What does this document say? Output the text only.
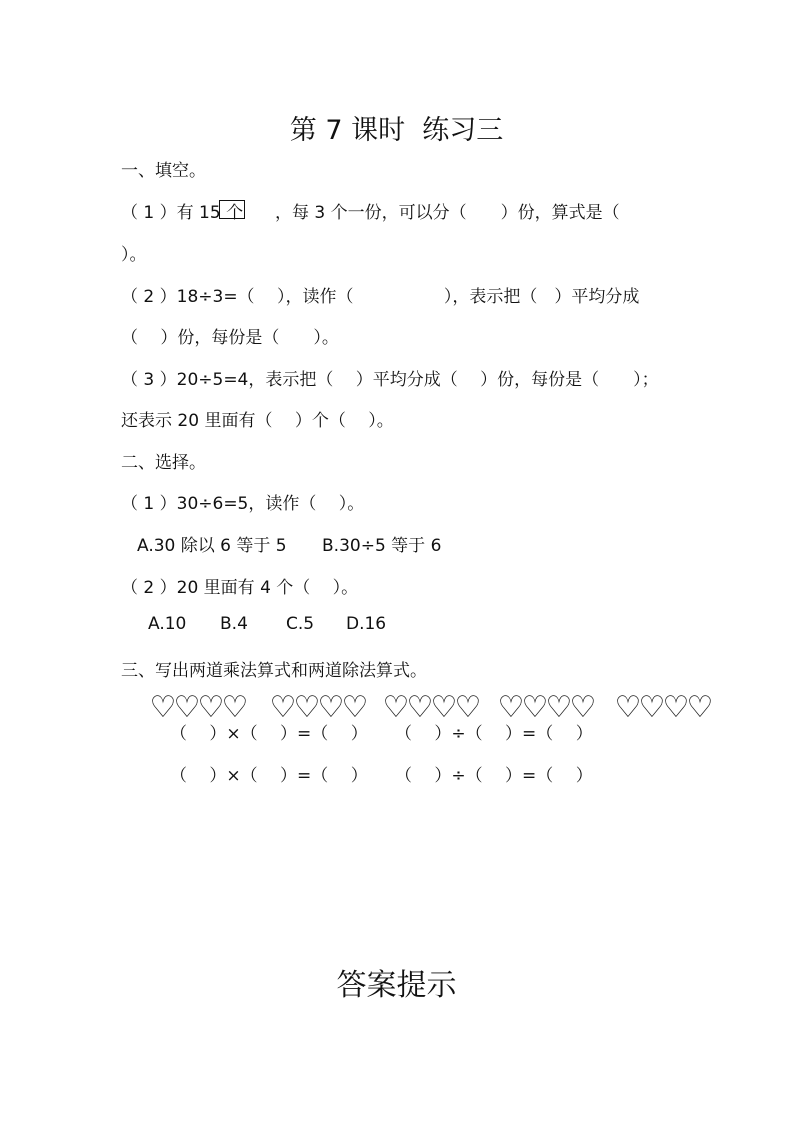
第 7 课时  练习三
一、填空。
（ 1 ）有 15 个 ，每 3 个一份，可以分（　　）份，算式是（
）。
（ 2 ）18÷3=（　 ），读作（　　　　　 ），表示把（　）平均分成
（　 ）份，每份是（　　）。
（ 3 ）20÷5=4，表示把（　 ）平均分成（　 ）份，每份是（　　）；
还表示 20 里面有（　 ）个（　 ）。
二、选择。
（ 1 ）30÷6=5，读作（　 ）。
A.30 除以 6 等于 5 B.30÷5 等于 6
（ 2 ）20 里面有 4 个（　 ）。
A.10 B.4 C.5 D.16
三、写出两道乘法算式和两道除法算式。
♡ ♡ ♡ ♡ ♡ ♡ ♡ ♡ ♡ ♡ ♡ ♡ ♡ ♡ ♡ ♡ ♡ ♡ ♡ ♡
（　 ）×（　 ）=（　 ） （　 ）÷（　 ）=（　 ）
（　 ）×（　 ）=（　 ） （　 ）÷（　 ）=（　 ）
答案提示
